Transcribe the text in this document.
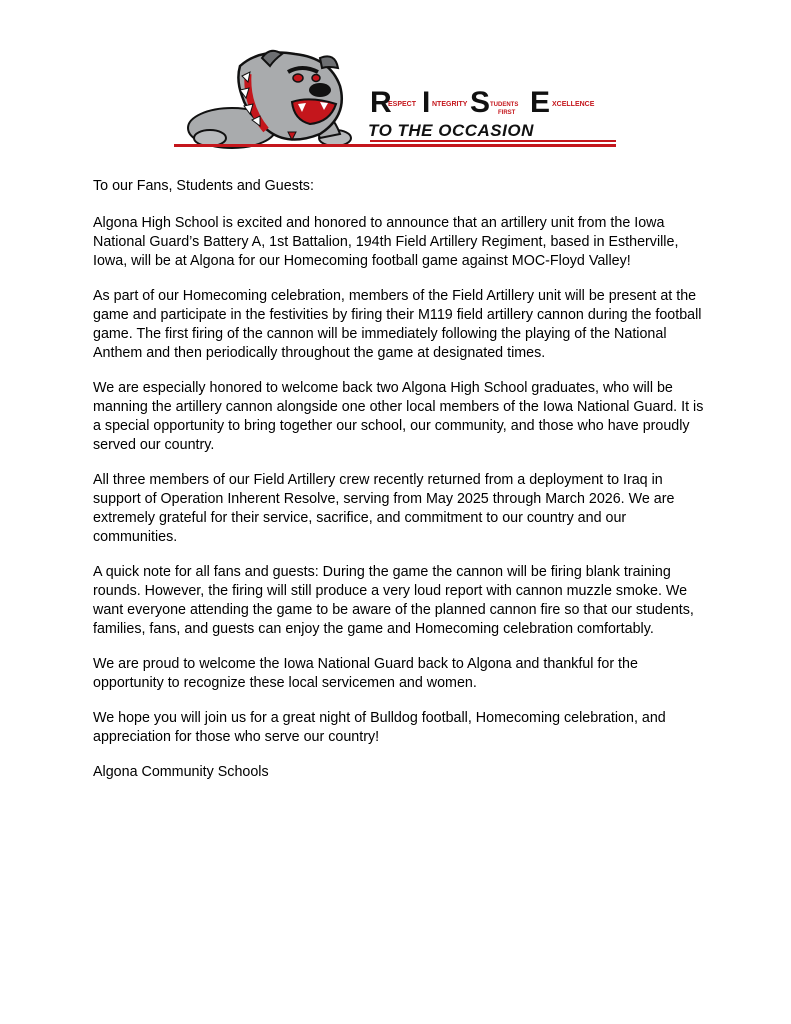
R
ESPECT I NTEGRITY S TUDENTS
FIRST E XCELLENCE
TO THE OCCASION

To our Fans, Students and Guests:

Algona High School is excited and honored to announce that an artillery unit from the Iowa National Guard’s Battery A, 1st Battalion, 194th Field Artillery Regiment, based in Estherville, Iowa, will be at Algona for our Homecoming football game against MOC-Floyd Valley!

As part of our Homecoming celebration, members of the Field Artillery unit will be present at the game and participate in the festivities by firing their M119 field artillery cannon during the football game. The first firing of the cannon will be immediately following the playing of the National Anthem and then periodically throughout the game at designated times.

We are especially honored to welcome back two Algona High School graduates, who will be manning the artillery cannon alongside one other local members of the Iowa National Guard. It is a special opportunity to bring together our school, our community, and those who have proudly served our country.

All three members of our Field Artillery crew recently returned from a deployment to Iraq in support of Operation Inherent Resolve, serving from May 2025 through March 2026. We are extremely grateful for their service, sacrifice, and commitment to our country and our communities.

A quick note for all fans and guests: During the game the cannon will be firing blank training rounds. However, the firing will still produce a very loud report with cannon muzzle smoke. We want everyone attending the game to be aware of the planned cannon fire so that our students, families, fans, and guests can enjoy the game and Homecoming celebration comfortably.

We are proud to welcome the Iowa National Guard back to Algona and thankful for the opportunity to recognize these local servicemen and women.

We hope you will join us for a great night of Bulldog football, Homecoming celebration, and appreciation for those who serve our country!

Algona Community Schools
